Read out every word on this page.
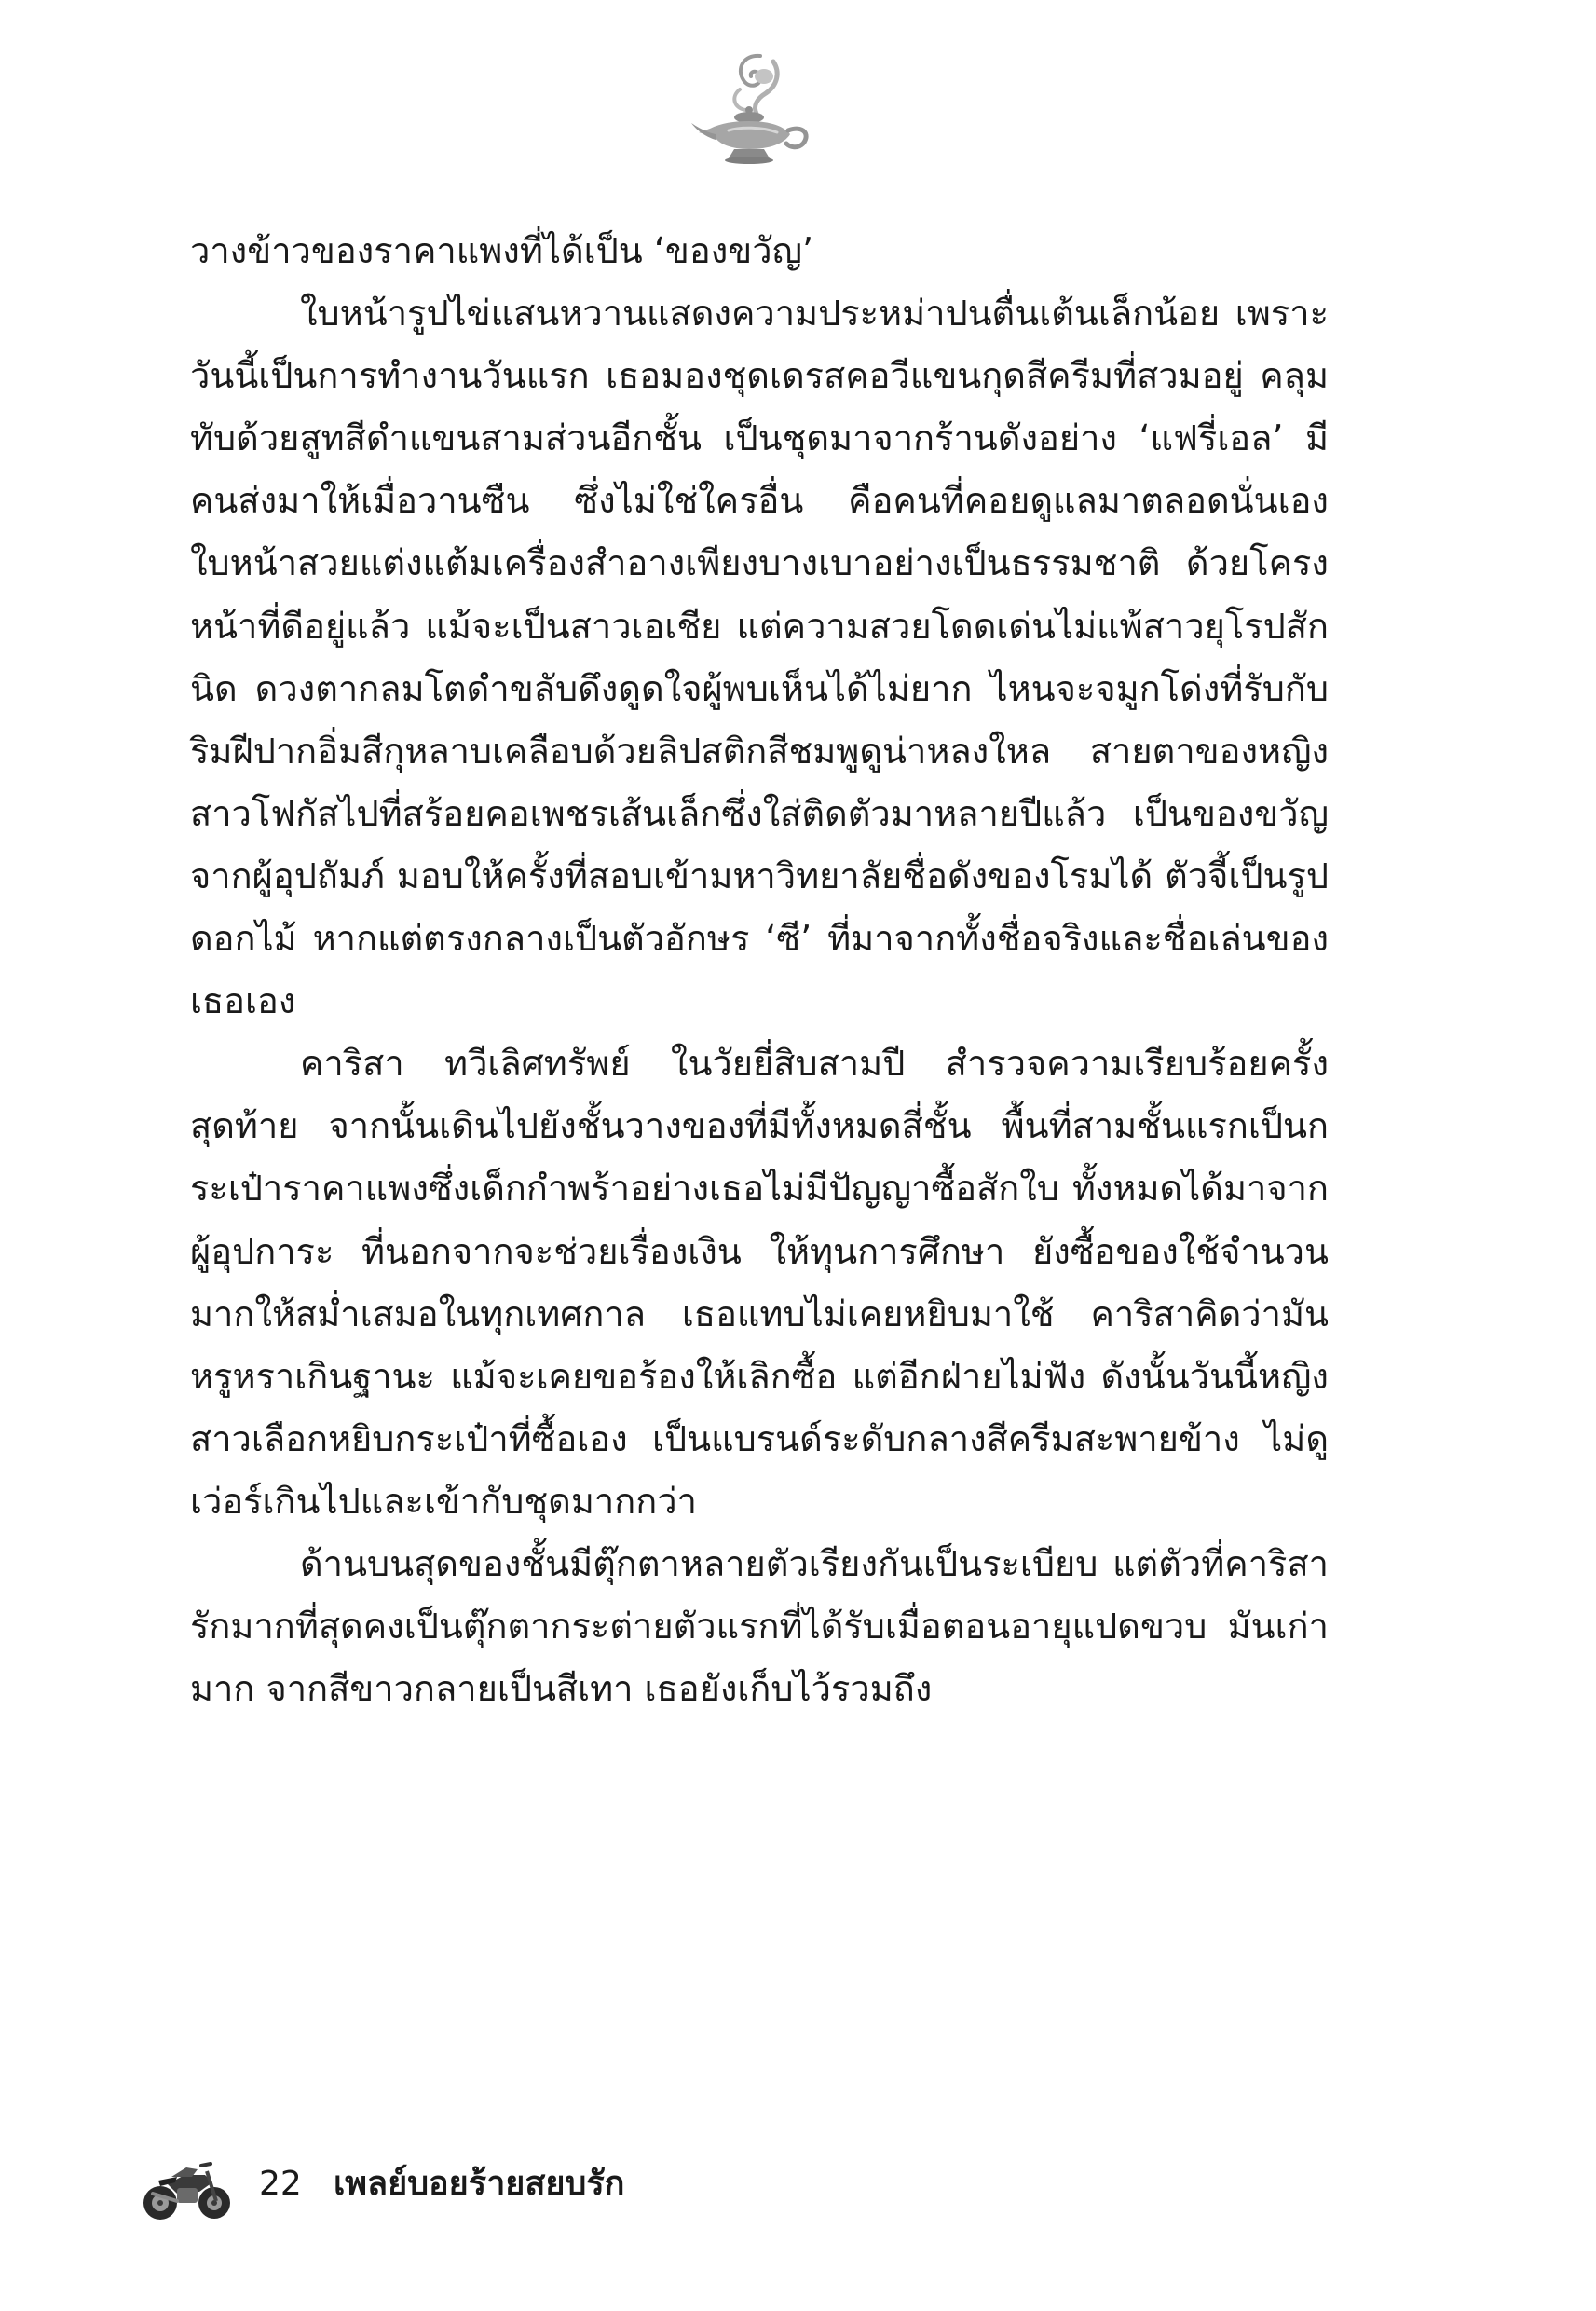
วางข้าวของราคาแพงที่ได้เป็น ‘ของขวัญ’

ใบหน้ารูปไข่แสนหวานแสดงความประหม่าปนตื่นเต้นเล็กน้อย เพราะวันนี้เป็นการทำงานวันแรก เธอมองชุดเดรสคอวีแขนกุดสีครีมที่สวมอยู่ คลุมทับด้วยสูทสีดำแขนสามส่วนอีกชั้น เป็นชุดมาจากร้านดังอย่าง ‘แฟรี่เอล’ มีคนส่งมาให้เมื่อวานซืน ซึ่งไม่ใช่ใครอื่น คือคนที่คอยดูแลมาตลอดนั่นเอง ใบหน้าสวยแต่งแต้มเครื่องสำอางเพียงบางเบาอย่างเป็นธรรมชาติ ด้วยโครงหน้าที่ดีอยู่แล้ว แม้จะเป็นสาวเอเชีย แต่ความสวยโดดเด่นไม่แพ้สาวยุโรปสักนิด ดวงตากลมโตดำขลับดึงดูดใจผู้พบเห็นได้ไม่ยาก ไหนจะจมูกโด่งที่รับกับริมฝีปากอิ่มสีกุหลาบเคลือบด้วยลิปสติกสีชมพูดูน่าหลงใหล สายตาของหญิงสาวโฟกัสไปที่สร้อยคอเพชรเส้นเล็กซึ่งใส่ติดตัวมาหลายปีแล้ว เป็นของขวัญจากผู้อุปถัมภ์ มอบให้ครั้งที่สอบเข้ามหาวิทยาลัยชื่อดังของโรมได้ ตัวจี้เป็นรูปดอกไม้ หากแต่ตรงกลางเป็นตัวอักษร ‘ซี’ ที่มาจากทั้งชื่อจริงและชื่อเล่นของเธอเอง

คาริสา ทวีเลิศทรัพย์ ในวัยยี่สิบสามปี สำรวจความเรียบร้อยครั้งสุดท้าย จากนั้นเดินไปยังชั้นวางของที่มีทั้งหมดสี่ชั้น พื้นที่สามชั้นแรกเป็นกระเป๋าราคาแพงซึ่งเด็กกำพร้าอย่างเธอไม่มีปัญญาซื้อสักใบ ทั้งหมดได้มาจากผู้อุปการะ ที่นอกจากจะช่วยเรื่องเงิน ให้ทุนการศึกษา ยังซื้อของใช้จำนวนมากให้สม่ำเสมอในทุกเทศกาล เธอแทบไม่เคยหยิบมาใช้ คาริสาคิดว่ามันหรูหราเกินฐานะ แม้จะเคยขอร้องให้เลิกซื้อ แต่อีกฝ่ายไม่ฟัง ดังนั้นวันนี้หญิงสาวเลือกหยิบกระเป๋าที่ซื้อเอง เป็นแบรนด์ระดับกลางสีครีมสะพายข้าง ไม่ดูเว่อร์เกินไปและเข้ากับชุดมากกว่า

ด้านบนสุดของชั้นมีตุ๊กตาหลายตัวเรียงกันเป็นระเบียบ แต่ตัวที่คาริสารักมากที่สุดคงเป็นตุ๊กตากระต่ายตัวแรกที่ได้รับเมื่อตอนอายุแปดขวบ มันเก่ามาก จากสีขาวกลายเป็นสีเทา เธอยังเก็บไว้รวมถึง

22 เพลย์บอยร้ายสยบรัก
